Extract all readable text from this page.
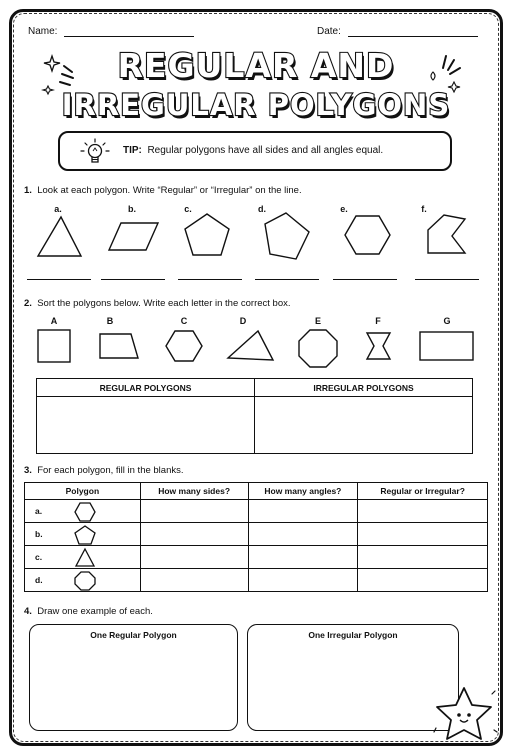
Name:	Date:
REGULAR AND
IRREGULAR POLYGONS
TIP: Regular polygons have all sides and all angles equal.
1. Look at each polygon. Write “Regular” or “Irregular” on the line.
a.	b.	c.	d.	e.	f.
2. Sort the polygons below. Write each letter in the correct box.
A	B	C	D	E	F	G
REGULAR POLYGONS	IRREGULAR POLYGONS
3. For each polygon, fill in the blanks.
Polygon	How many sides?	How many angles?	Regular or Irregular?

a.			

b.			

c.			

d.			

4. Draw one example of each.
One Regular Polygon	One Irregular Polygon
